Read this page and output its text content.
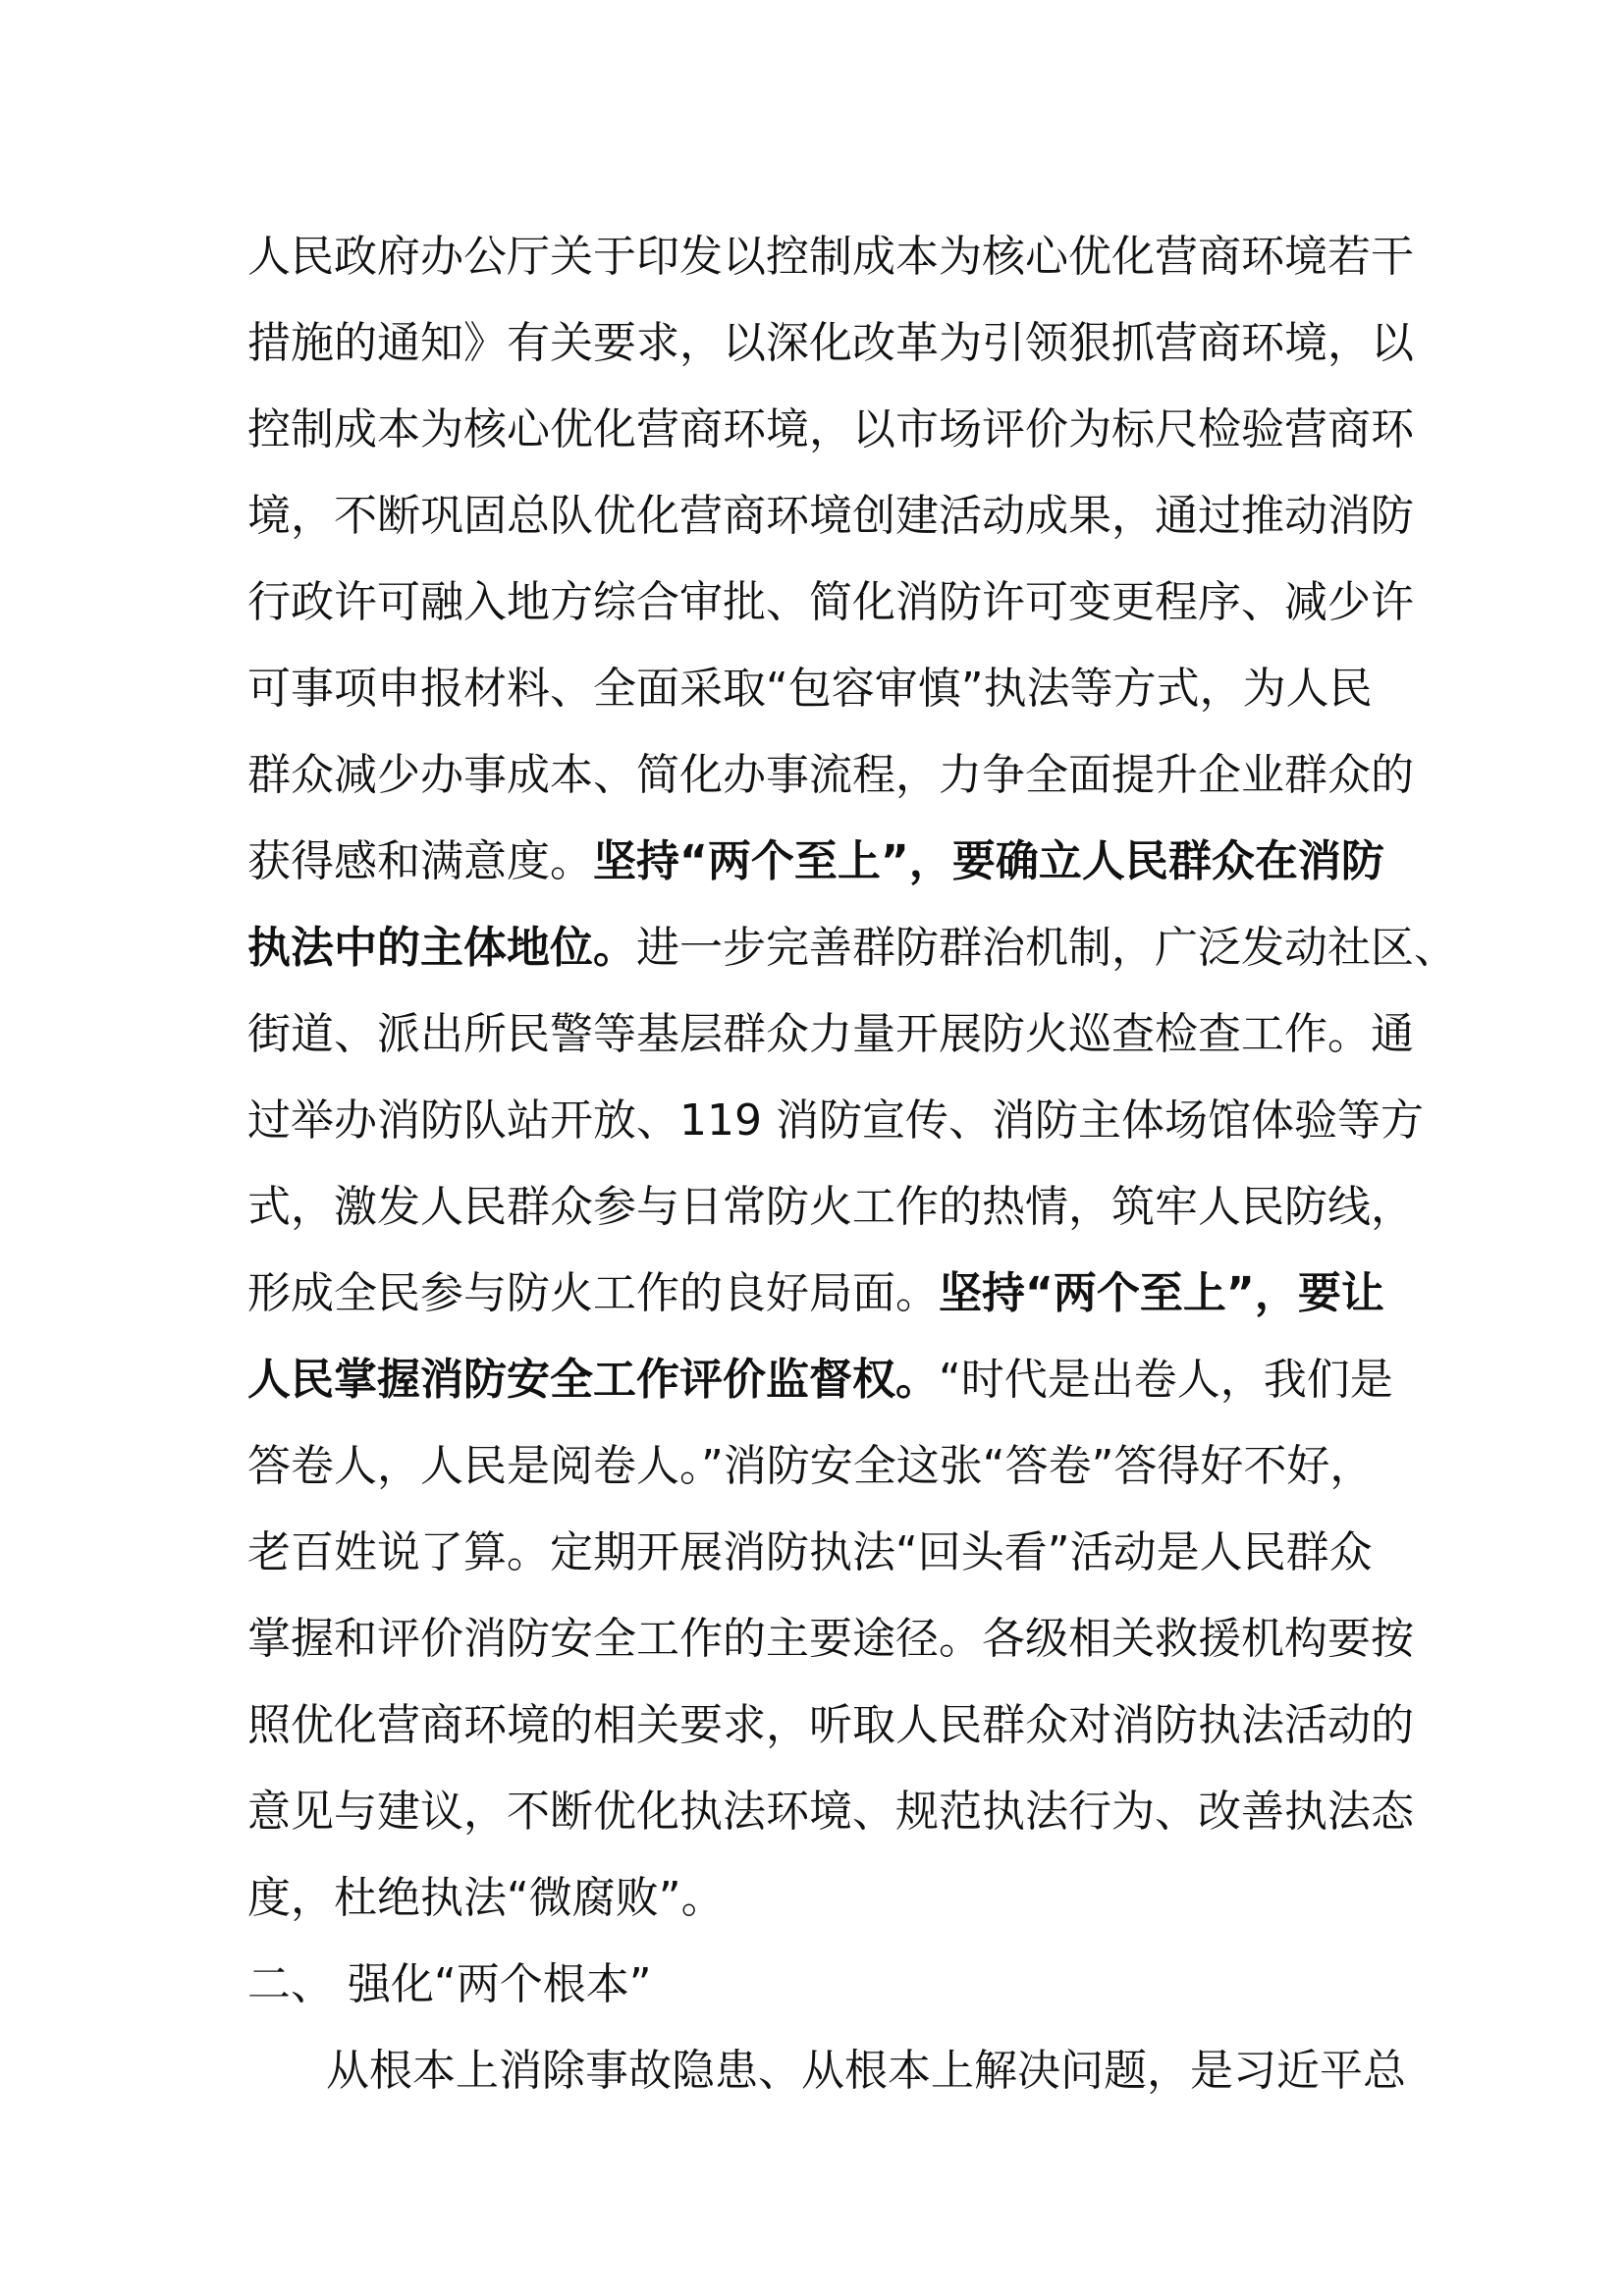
人民政府办公厅关于印发以控制成本为核心优化营商环境若干
措施的通知》有关要求，以深化改革为引领狠抓营商环境，以
控制成本为核心优化营商环境，以市场评价为标尺检验营商环
境，不断巩固总队优化营商环境创建活动成果，通过推动消防
行政许可融入地方综合审批、简化消防许可变更程序、减少许
可事项申报材料、全面采取“包容审慎”执法等方式，为人民
群众减少办事成本、简化办事流程，力争全面提升企业群众的
获得感和满意度。坚持“两个至上”，要确立人民群众在消防
执法中的主体地位。进一步完善群防群治机制，广泛发动社区、
街道、派出所民警等基层群众力量开展防火巡查检查工作。通
过举办消防队站开放、119 消防宣传、消防主体场馆体验等方
式，激发人民群众参与日常防火工作的热情，筑牢人民防线，
形成全民参与防火工作的良好局面。坚持“两个至上”，要让
人民掌握消防安全工作评价监督权。“时代是出卷人，我们是
答卷人，人民是阅卷人。”消防安全这张“答卷”答得好不好，
老百姓说了算。定期开展消防执法“回头看”活动是人民群众
掌握和评价消防安全工作的主要途径。各级相关救援机构要按
照优化营商环境的相关要求，听取人民群众对消防执法活动的
意见与建议，不断优化执法环境、规范执法行为、改善执法态
度，杜绝执法“微腐败”。
二、 强化“两个根本”
从根本上消除事故隐患、从根本上解决问题，是习近平总
